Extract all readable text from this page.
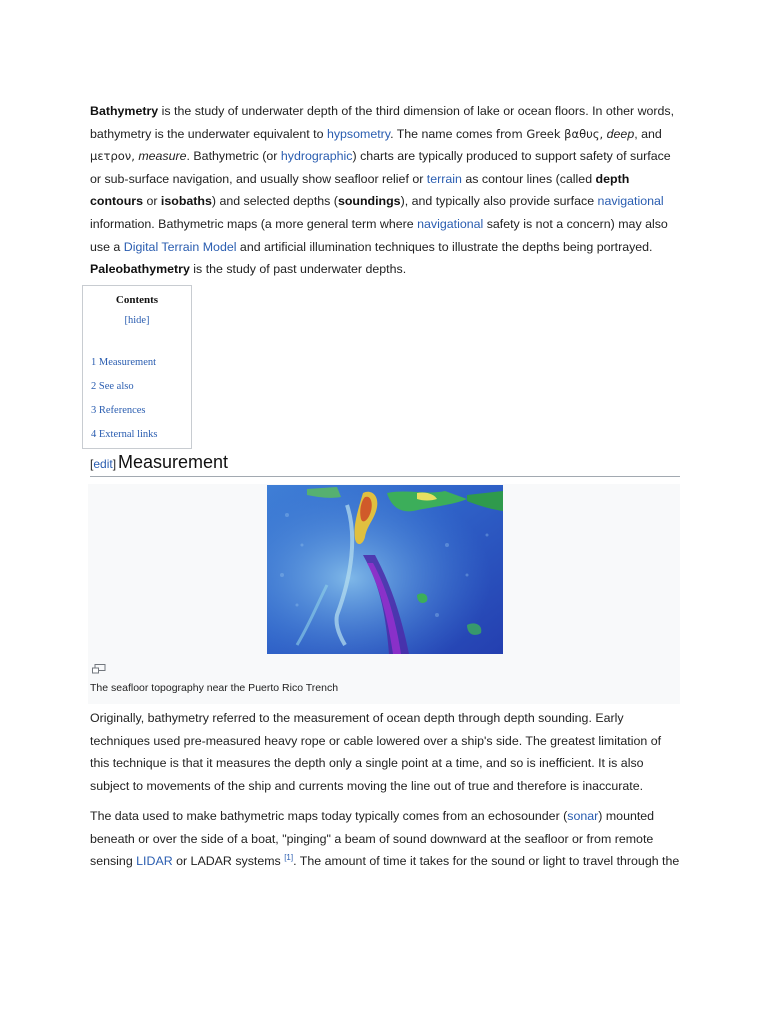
Bathymetry is the study of underwater depth of the third dimension of lake or ocean floors. In other words, bathymetry is the underwater equivalent to hypsometry. The name comes from Greek βαθυς, deep, and μετρον, measure. Bathymetric (or hydrographic) charts are typically produced to support safety of surface or sub-surface navigation, and usually show seafloor relief or terrain as contour lines (called depth contours or isobaths) and selected depths (soundings), and typically also provide surface navigational information. Bathymetric maps (a more general term where navigational safety is not a concern) may also use a Digital Terrain Model and artificial illumination techniques to illustrate the depths being portrayed. Paleobathymetry is the study of past underwater depths.

Contents
[hide]
1 Measurement
2 See also
3 References
4 External links
[edit] Measurement
The seafloor topography near the Puerto Rico Trench
Originally, bathymetry referred to the measurement of ocean depth through depth sounding. Early techniques used pre-measured heavy rope or cable lowered over a ship's side. The greatest limitation of this technique is that it measures the depth only a single point at a time, and so is inefficient. It is also subject to movements of the ship and currents moving the line out of true and therefore is inaccurate.
The data used to make bathymetric maps today typically comes from an echosounder (sonar) mounted beneath or over the side of a boat, "pinging" a beam of sound downward at the seafloor or from remote sensing LIDAR or LADAR systems [1]. The amount of time it takes for the sound or light to travel through the
